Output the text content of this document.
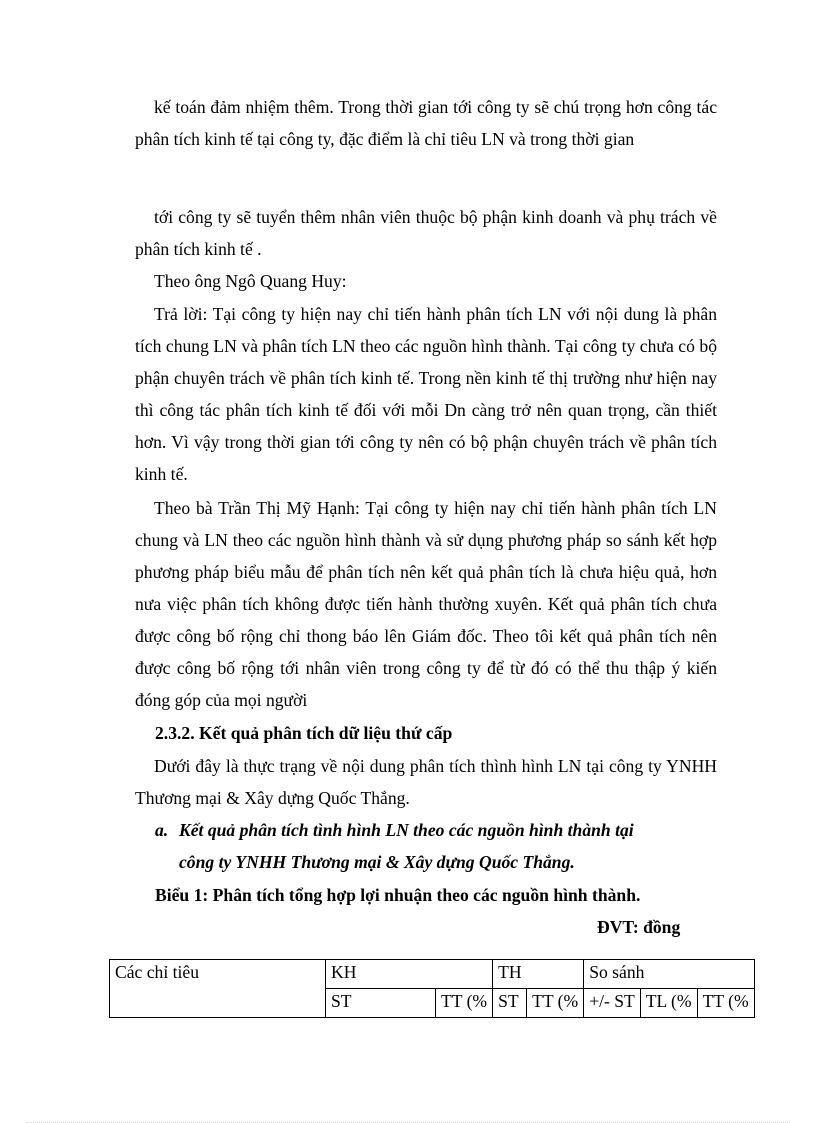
kế toán đảm nhiệm thêm. Trong thời gian tới công ty sẽ chú trọng hơn công tác phân tích kinh tế tại công ty, đặc điểm là chỉ tiêu LN và trong thời gian

tới công ty sẽ tuyển thêm nhân viên thuộc bộ phận kinh doanh và phụ trách về phân tích kinh tế .

Theo ông Ngô Quang Huy:

Trả lời: Tại công ty hiện nay chỉ tiến hành phân tích LN với nội dung là phân tích chung LN và phân tích LN theo các nguồn hình thành. Tại công ty chưa có bộ phận chuyên trách về phân tích kinh tế. Trong nền kinh tế thị trường như hiện nay thì công tác phân tích kinh tế đối với mỗi Dn càng trở nên quan trọng, cần thiết hơn. Vì vậy trong thời gian tới công ty nên có bộ phận chuyên trách về phân tích kinh tế.

Theo bà Trần Thị Mỹ Hạnh: Tại công ty hiện nay chỉ tiến hành phân tích LN chung và LN theo các nguồn hình thành và sử dụng phương pháp so sánh kết hợp phương pháp biểu mẫu để phân tích nên kết quả phân tích là chưa hiệu quả, hơn nưa việc phân tích không được tiến hành thường xuyên. Kết quả phân tích chưa được công bố rộng chỉ thong báo lên Giám đốc. Theo tôi kết quả phân tích nên được công bố rộng tới nhân viên trong công ty để từ đó có thể thu thập ý kiến đóng góp của mọi người

2.3.2. Kết quả phân tích dữ liệu thứ cấp

Dưới đây là thực trạng về nội dung phân tích thình hình LN tại công ty YNHH Thương mại & Xây dựng Quốc Thắng.

a. Kết quả phân tích tình hình LN theo các nguồn hình thành tại
công ty YNHH Thương mại & Xây dựng Quốc Thắng.

Biểu 1: Phân tích tổng hợp lợi nhuận theo các nguồn hình thành.

ĐVT: đồng
Các chỉ tiêu	KH		TH		So sánh		
	ST	TT (%	ST	TT (%	+/- ST	TL (%	TT (%
